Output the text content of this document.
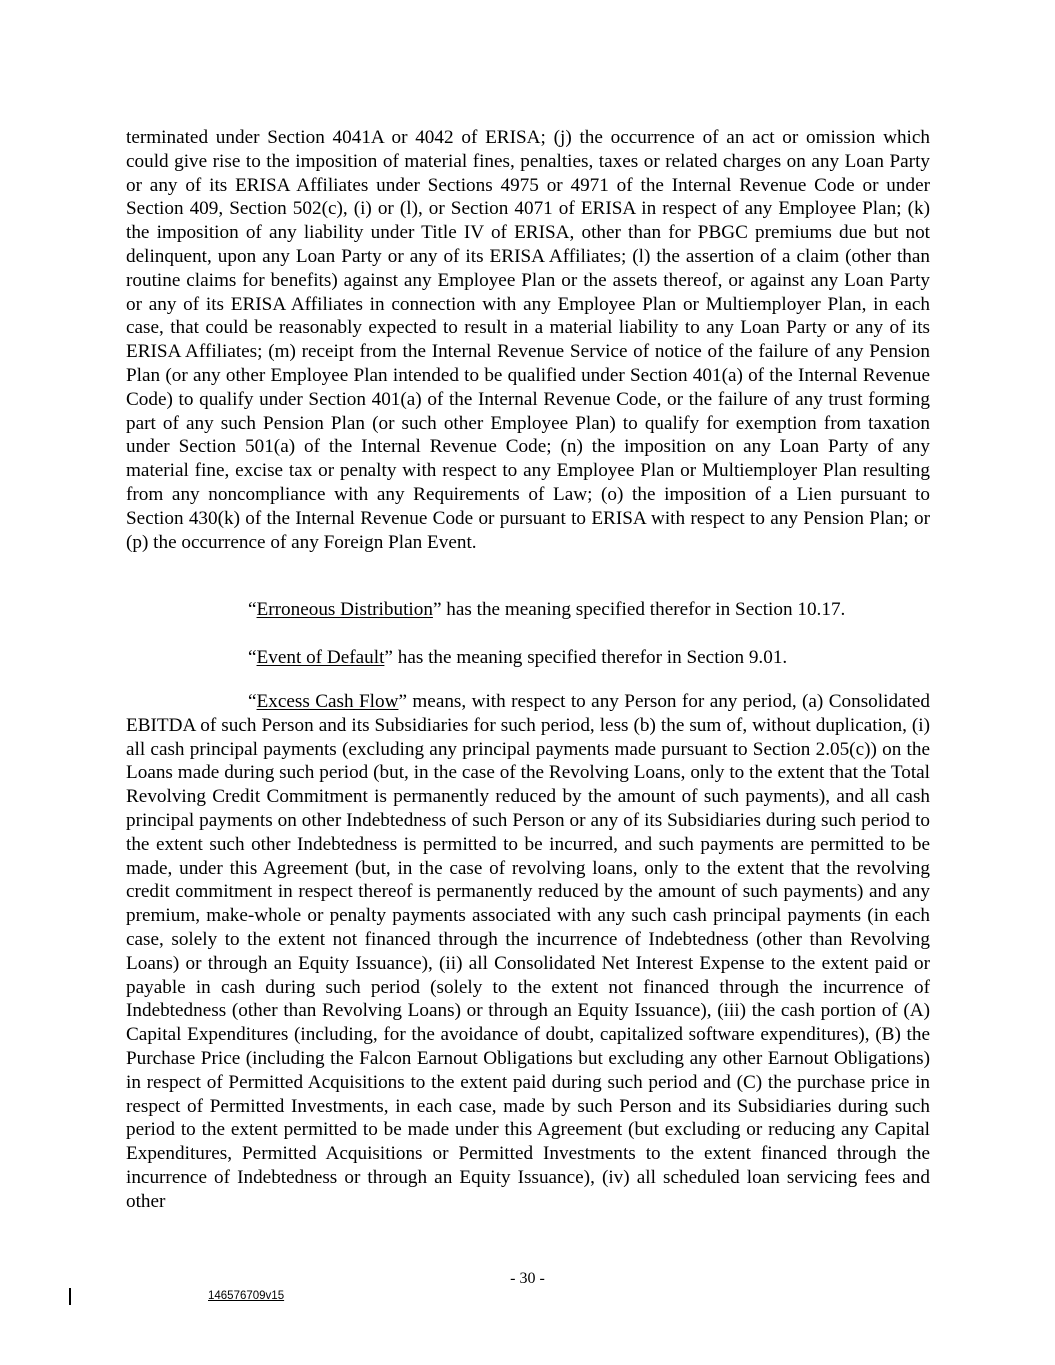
terminated under Section 4041A or 4042 of ERISA; (j) the occurrence of an act or omission which could give rise to the imposition of material fines, penalties, taxes or related charges on any Loan Party or any of its ERISA Affiliates under Sections 4975 or 4971 of the Internal Revenue Code or under Section 409, Section 502(c), (i) or (l), or Section 4071 of ERISA in respect of any Employee Plan; (k) the imposition of any liability under Title IV of ERISA, other than for PBGC premiums due but not delinquent, upon any Loan Party or any of its ERISA Affiliates; (l) the assertion of a claim (other than routine claims for benefits) against any Employee Plan or the assets thereof, or against any Loan Party or any of its ERISA Affiliates in connection with any Employee Plan or Multiemployer Plan, in each case, that could be reasonably expected to result in a material liability to any Loan Party or any of its ERISA Affiliates; (m) receipt from the Internal Revenue Service of notice of the failure of any Pension Plan (or any other Employee Plan intended to be qualified under Section 401(a) of the Internal Revenue Code) to qualify under Section 401(a) of the Internal Revenue Code, or the failure of any trust forming part of any such Pension Plan (or such other Employee Plan) to qualify for exemption from taxation under Section 501(a) of the Internal Revenue Code; (n) the imposition on any Loan Party of any material fine, excise tax or penalty with respect to any Employee Plan or Multiemployer Plan resulting from any noncompliance with any Requirements of Law; (o) the imposition of a Lien pursuant to Section 430(k) of the Internal Revenue Code or pursuant to ERISA with respect to any Pension Plan; or (p) the occurrence of any Foreign Plan Event.

“Erroneous Distribution” has the meaning specified therefor in Section 10.17.

“Event of Default” has the meaning specified therefor in Section 9.01.

“Excess Cash Flow” means, with respect to any Person for any period, (a) Consolidated EBITDA of such Person and its Subsidiaries for such period, less (b) the sum of, without duplication, (i) all cash principal payments (excluding any principal payments made pursuant to Section 2.05(c)) on the Loans made during such period (but, in the case of the Revolving Loans, only to the extent that the Total Revolving Credit Commitment is permanently reduced by the amount of such payments), and all cash principal payments on other Indebtedness of such Person or any of its Subsidiaries during such period to the extent such other Indebtedness is permitted to be incurred, and such payments are permitted to be made, under this Agreement (but, in the case of revolving loans, only to the extent that the revolving credit commitment in respect thereof is permanently reduced by the amount of such payments) and any premium, make-whole or penalty payments associated with any such cash principal payments (in each case, solely to the extent not financed through the incurrence of Indebtedness (other than Revolving Loans) or through an Equity Issuance), (ii) all Consolidated Net Interest Expense to the extent paid or payable in cash during such period (solely to the extent not financed through the incurrence of Indebtedness (other than Revolving Loans) or through an Equity Issuance), (iii) the cash portion of (A) Capital Expenditures (including, for the avoidance of doubt, capitalized software expenditures), (B) the Purchase Price (including the Falcon Earnout Obligations but excluding any other Earnout Obligations) in respect of Permitted Acquisitions to the extent paid during such period and (C) the purchase price in respect of Permitted Investments, in each case, made by such Person and its Subsidiaries during such period to the extent permitted to be made under this Agreement (but excluding or reducing any Capital Expenditures, Permitted Acquisitions or Permitted Investments to the extent financed through the incurrence of Indebtedness or through an Equity Issuance), (iv) all scheduled loan servicing fees and other

- 30 -
146576709v15
